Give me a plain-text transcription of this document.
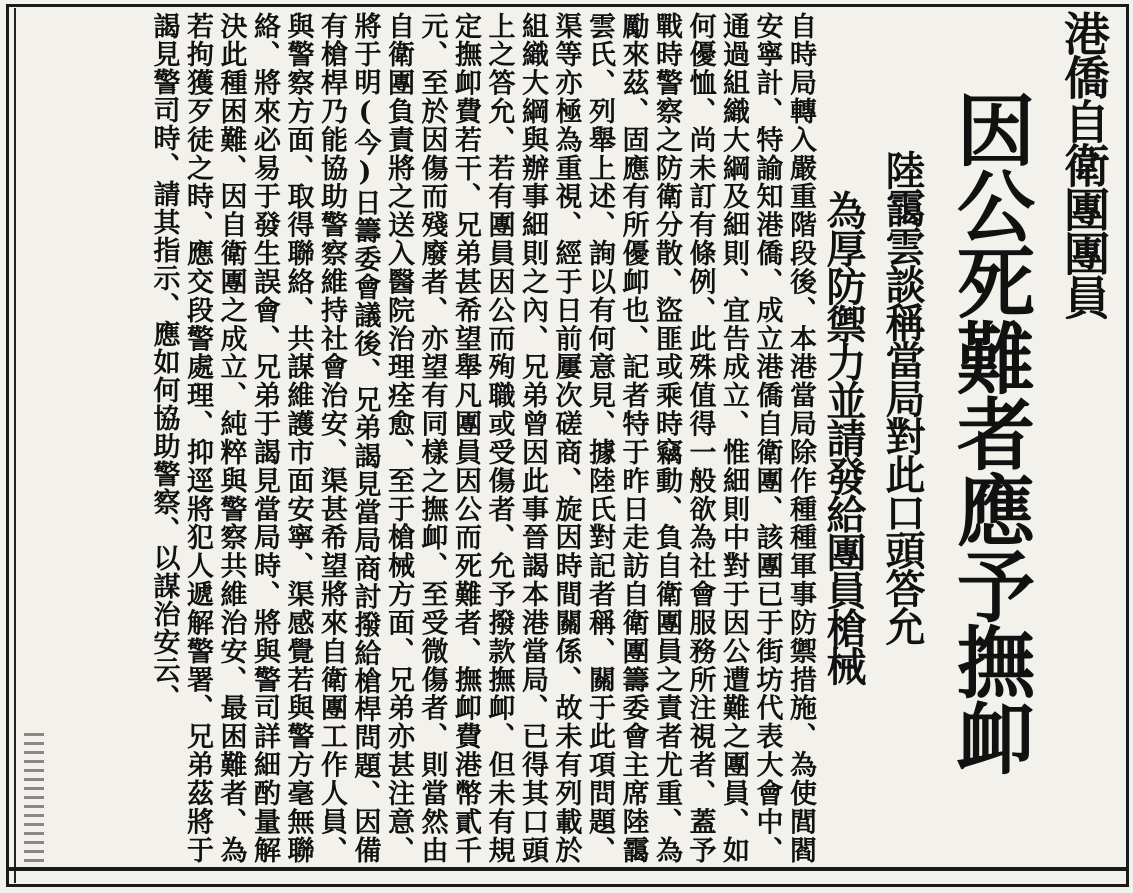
港僑自衛團團員
因公死難者應予撫卹
陸靄雲談稱當局對此口頭答允
為厚防禦力並請發給團員槍械
自時局轉入嚴重階段後、本港當局除作種種軍事防禦措施、為使閭閻安寧計、特諭知港僑、成立港僑自衛團、該團已于街坊代表大會中、通過組織大綱及細則、宜告成立、惟細則中對于因公遭難之團員、如何優恤、尚未訂有條例、此殊值得一般欲為社會服務所注視者、蓋予戰時警察之防衛分散、盜匪或乘時竊動、負自衛團員之責者尤重、為勵來茲、固應有所優卹也、記者特于昨日走訪自衛團籌委會主席陸靄雲氏、列舉上述、詢以有何意見、據陸氏對記者稱、關于此項問題、渠等亦極為重視、經于日前屢次磋商、旋因時間關係、故未有列載於組織大綱與辦事細則之內、兄弟曾因此事晉謁本港當局、已得其口頭上之答允、若有團員因公而殉職或受傷者、允予撥款撫卹、但未有規定撫卹費若干、兄弟甚希望舉凡團員因公而死難者、撫卹費港幣貳千元、至於因傷而殘廢者、亦望有同樣之撫卹、至受微傷者、則當然由自衛團負責將之送入醫院治理痊愈、至于槍械方面、兄弟亦甚注意、將于明(今)日籌委會議後、兄弟謁見當局商討撥給槍桿問題、因備有槍桿乃能協助警察維持社會治安、渠甚希望將來自衛團工作人員、與警察方面、取得聯絡、共謀維護市面安寧、渠感覺若與警方毫無聯絡、將來必易于發生誤會、兄弟于謁見當局時、將與警司詳細酌量解決此種困難、因自衛團之成立、純粹與警察共維治安、最困難者、為若拘獲歹徒之時、應交段警處理、抑逕將犯人遞解警署、兄弟茲將于謁見警司時、請其指示、應如何協助警察、以謀治安云、
